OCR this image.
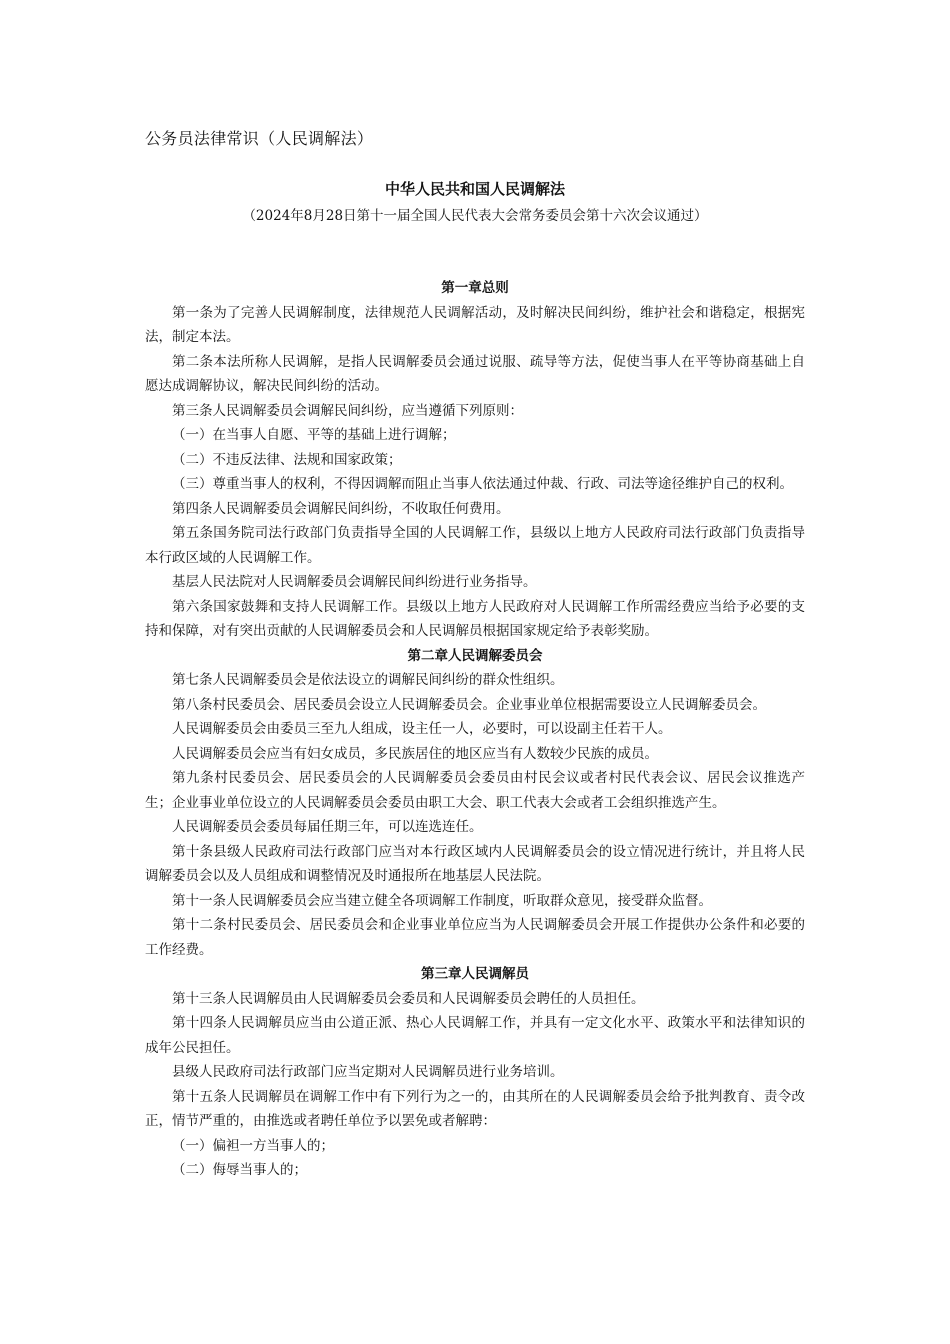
公务员法律常识（人民调解法）
中华人民共和国人民调解法
（2024年8月28日第十一届全国人民代表大会常务委员会第十六次会议通过）
第一章总则

第一条为了完善人民调解制度，法律规范人民调解活动，及时解决民间纠纷，维护社会和谐稳定，根据宪法，制定本法。

第二条本法所称人民调解，是指人民调解委员会通过说服、疏导等方法，促使当事人在平等协商基础上自愿达成调解协议，解决民间纠纷的活动。

第三条人民调解委员会调解民间纠纷，应当遵循下列原则：

（一）在当事人自愿、平等的基础上进行调解；

（二）不违反法律、法规和国家政策；

（三）尊重当事人的权利，不得因调解而阻止当事人依法通过仲裁、行政、司法等途径维护自己的权利。

第四条人民调解委员会调解民间纠纷，不收取任何费用。

第五条国务院司法行政部门负责指导全国的人民调解工作，县级以上地方人民政府司法行政部门负责指导本行政区域的人民调解工作。

基层人民法院对人民调解委员会调解民间纠纷进行业务指导。

第六条国家鼓舞和支持人民调解工作。县级以上地方人民政府对人民调解工作所需经费应当给予必要的支持和保障，对有突出贡献的人民调解委员会和人民调解员根据国家规定给予表彰奖励。

第二章人民调解委员会

第七条人民调解委员会是依法设立的调解民间纠纷的群众性组织。

第八条村民委员会、居民委员会设立人民调解委员会。企业事业单位根据需要设立人民调解委员会。

人民调解委员会由委员三至九人组成，设主任一人，必要时，可以设副主任若干人。

人民调解委员会应当有妇女成员，多民族居住的地区应当有人数较少民族的成员。

第九条村民委员会、居民委员会的人民调解委员会委员由村民会议或者村民代表会议、居民会议推选产生；企业事业单位设立的人民调解委员会委员由职工大会、职工代表大会或者工会组织推选产生。

人民调解委员会委员每届任期三年，可以连选连任。

第十条县级人民政府司法行政部门应当对本行政区域内人民调解委员会的设立情况进行统计，并且将人民调解委员会以及人员组成和调整情况及时通报所在地基层人民法院。

第十一条人民调解委员会应当建立健全各项调解工作制度，听取群众意见，接受群众监督。

第十二条村民委员会、居民委员会和企业事业单位应当为人民调解委员会开展工作提供办公条件和必要的工作经费。

第三章人民调解员

第十三条人民调解员由人民调解委员会委员和人民调解委员会聘任的人员担任。

第十四条人民调解员应当由公道正派、热心人民调解工作，并具有一定文化水平、政策水平和法律知识的成年公民担任。

县级人民政府司法行政部门应当定期对人民调解员进行业务培训。

第十五条人民调解员在调解工作中有下列行为之一的，由其所在的人民调解委员会给予批判教育、责令改正，情节严重的，由推选或者聘任单位予以罢免或者解聘：

（一）偏袒一方当事人的；

（二）侮辱当事人的；
